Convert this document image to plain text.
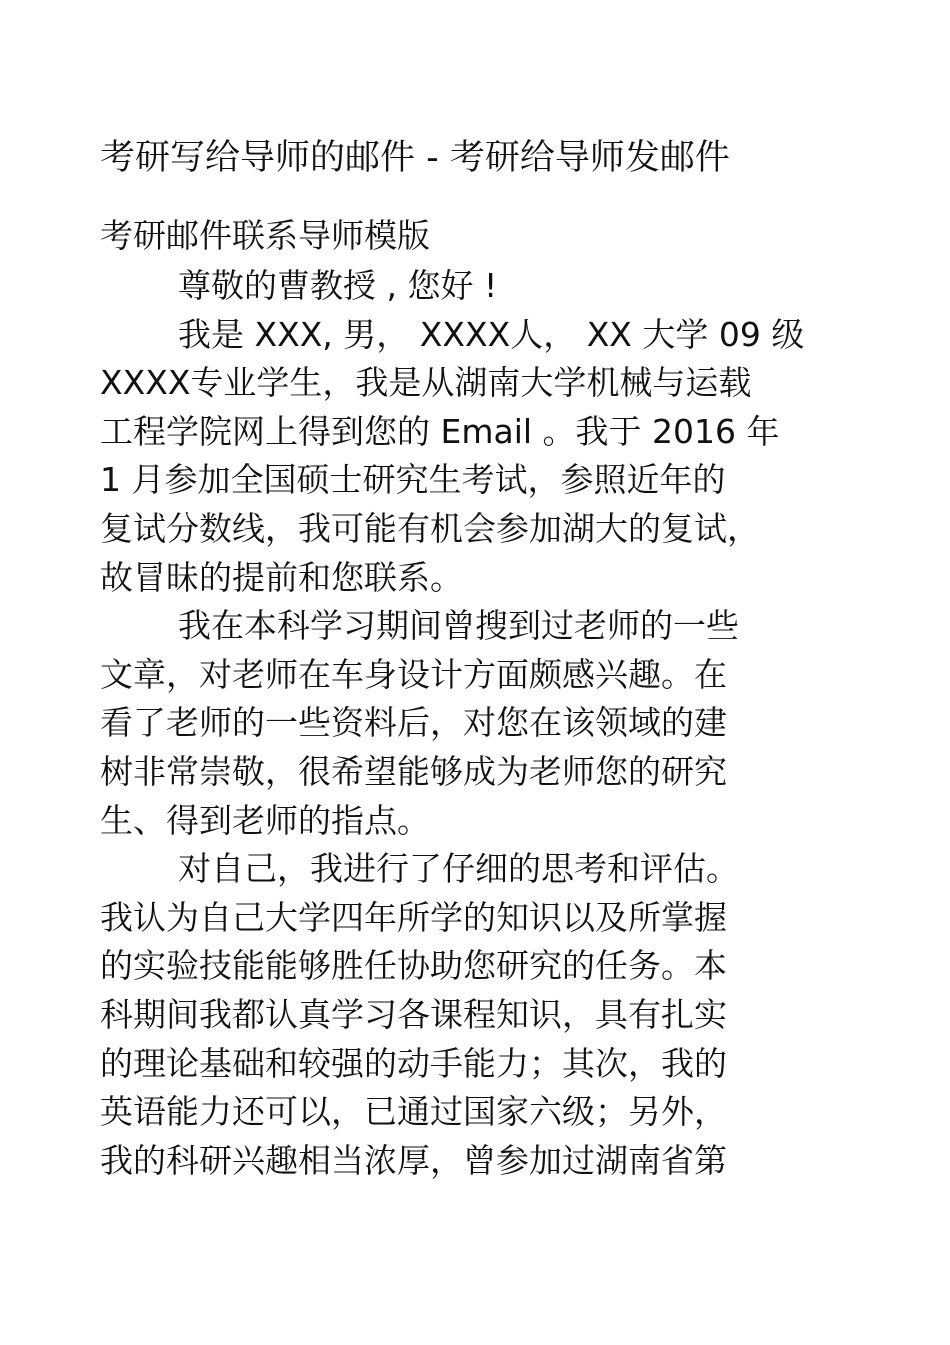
考研写给导师的邮件 - 考研给导师发邮件
考研邮件联系导师模版
尊敬的曹教授 , 您好 !
我是 XXX, 男， XXXX人， XX 大学 09 级
XXXX专业学生，我是从湖南大学机械与运载
工程学院网上得到您的 Email 。我于 2016 年
1 月参加全国硕士研究生考试，参照近年的
复试分数线，我可能有机会参加湖大的复试，
故冒昧的提前和您联系。
我在本科学习期间曾搜到过老师的一些
文章，对老师在车身设计方面颇感兴趣。在
看了老师的一些资料后，对您在该领域的建
树非常崇敬，很希望能够成为老师您的研究
生、得到老师的指点。
对自己，我进行了仔细的思考和评估。
我认为自己大学四年所学的知识以及所掌握
的实验技能能够胜任协助您研究的任务。本
科期间我都认真学习各课程知识，具有扎实
的理论基础和较强的动手能力；其次，我的
英语能力还可以，已通过国家六级；另外，
我的科研兴趣相当浓厚，曾参加过湖南省第
